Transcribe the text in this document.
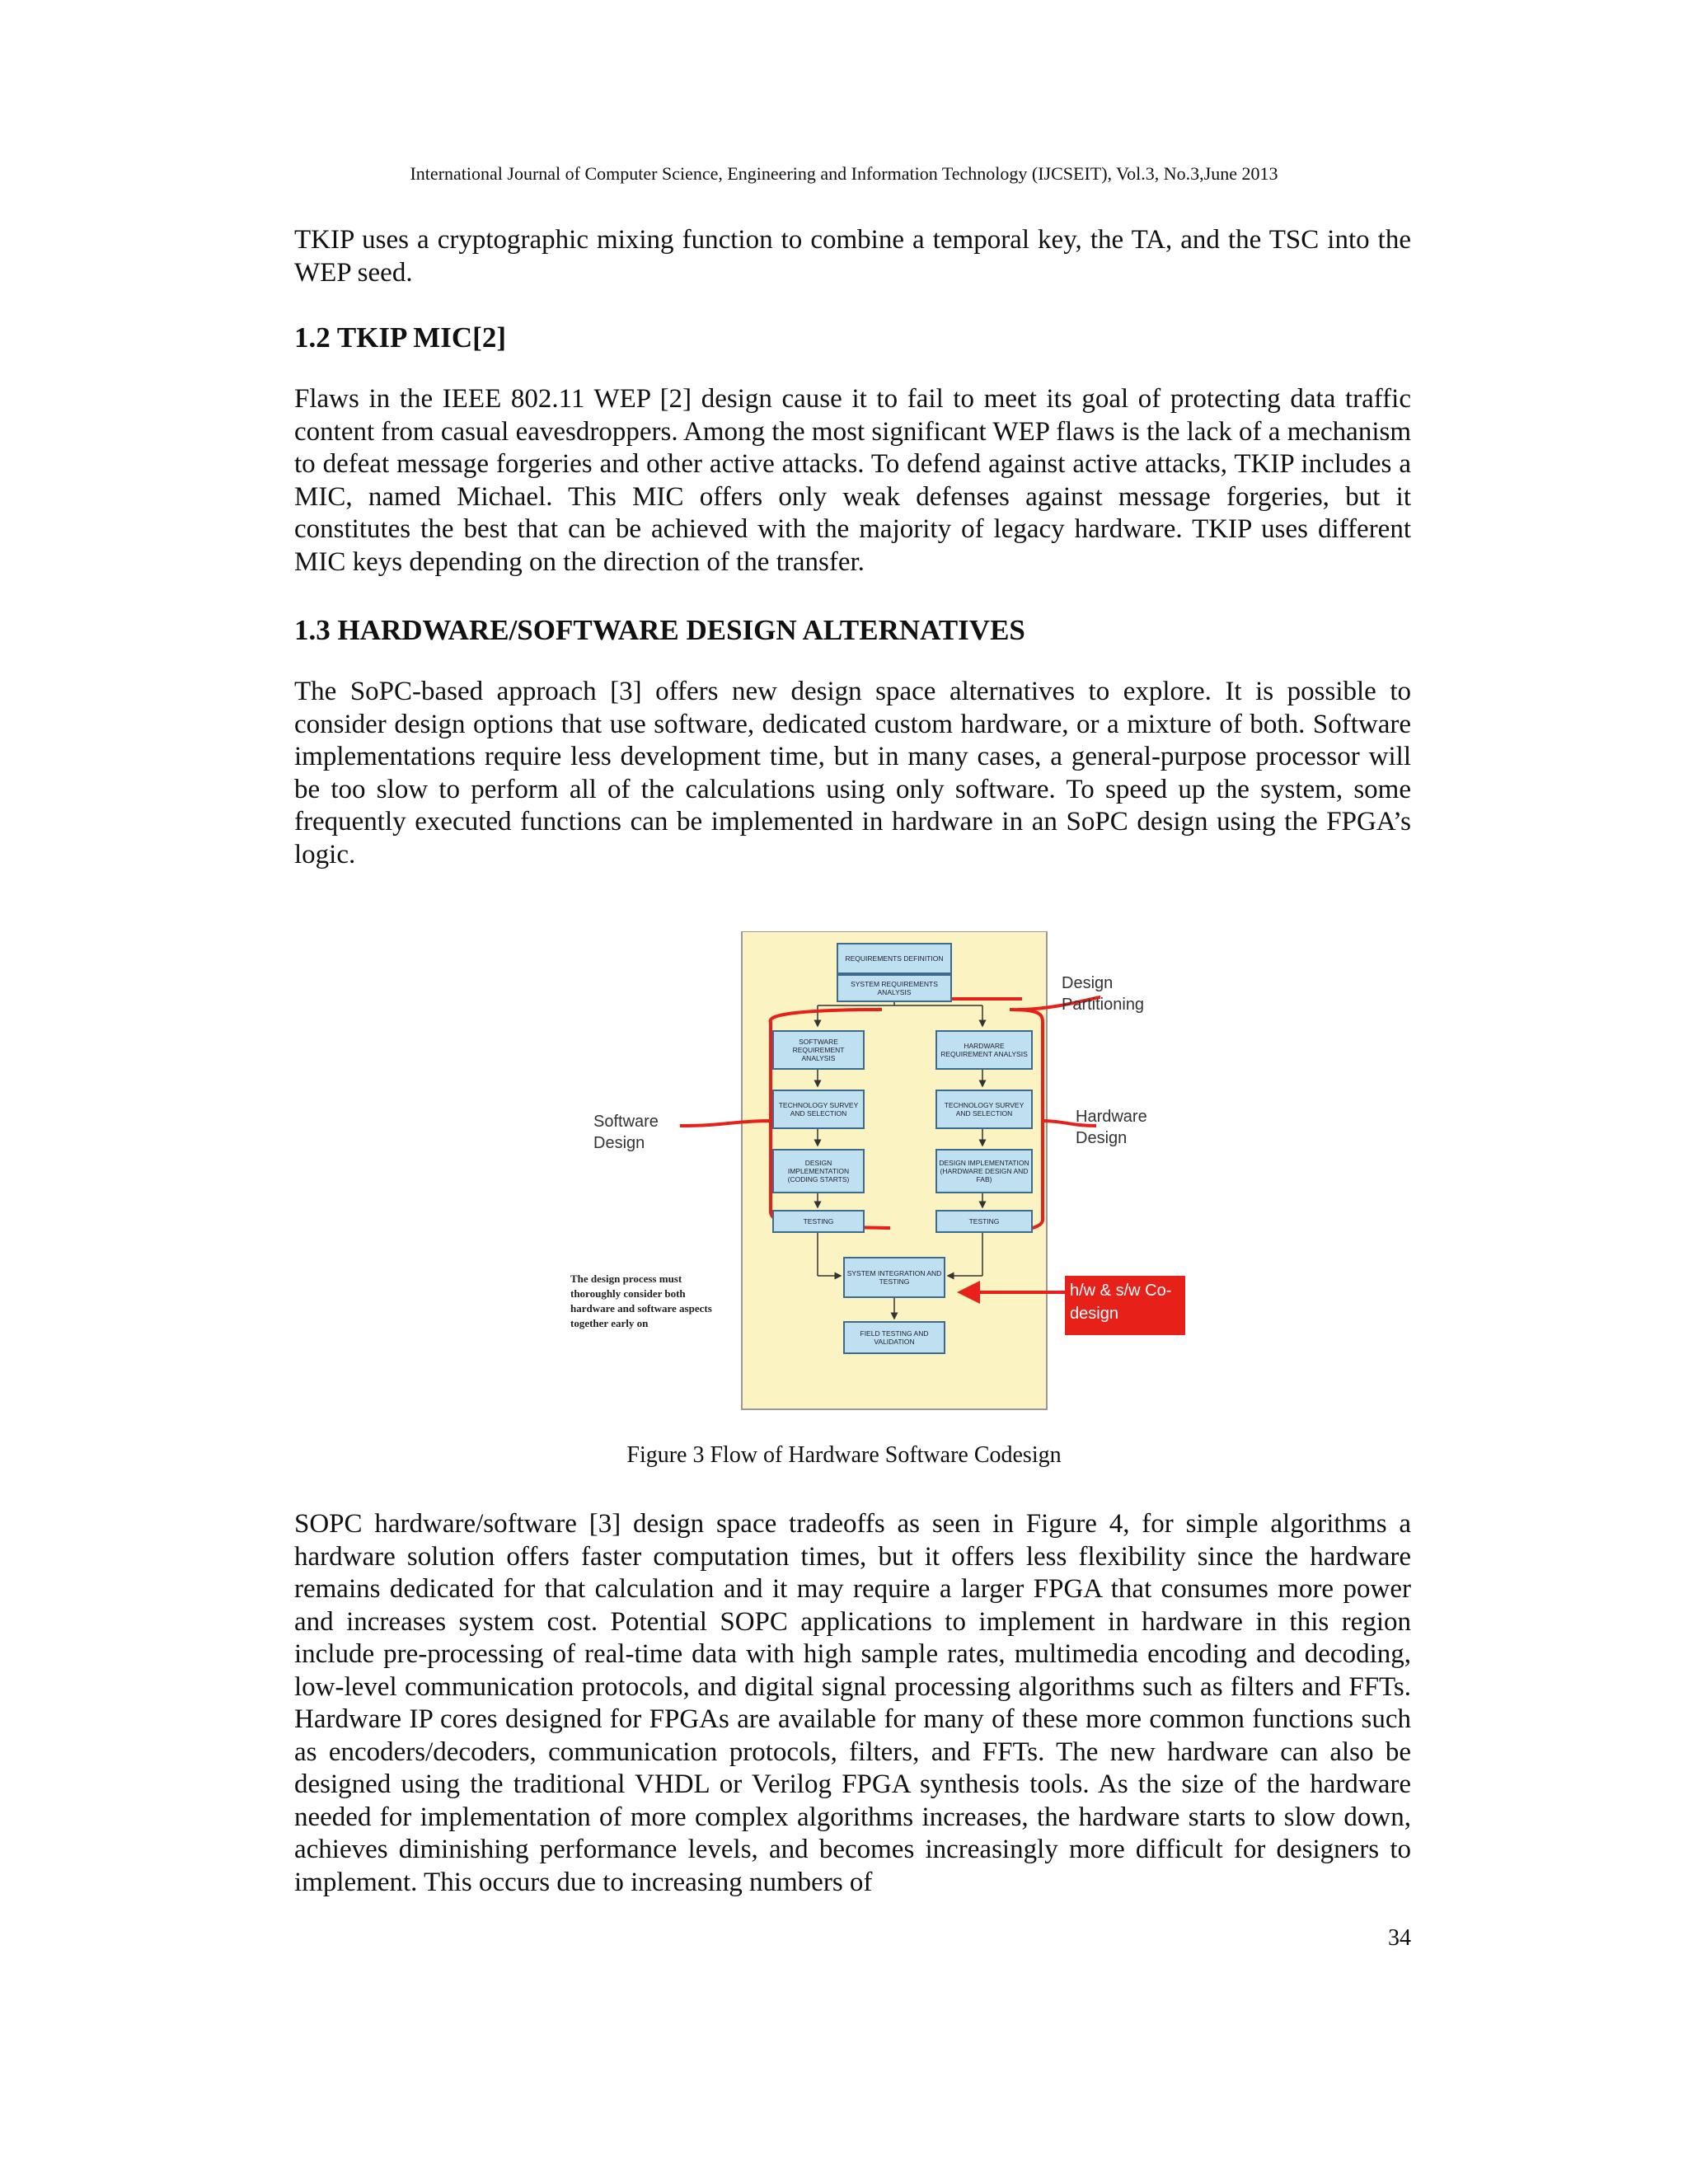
International Journal of Computer Science, Engineering and Information Technology (IJCSEIT), Vol.3, No.3,June 2013

TKIP uses a cryptographic mixing function to combine a temporal key, the TA, and the TSC into the WEP seed.

1.2 TKIP MIC[2]

Flaws in the IEEE 802.11 WEP [2] design cause it to fail to meet its goal of protecting data traffic content from casual eavesdroppers. Among the most significant WEP flaws is the lack of a mechanism to defeat message forgeries and other active attacks. To defend against active attacks, TKIP includes a MIC, named Michael. This MIC offers only weak defenses against message forgeries, but it constitutes the best that can be achieved with the majority of legacy hardware. TKIP uses different MIC keys depending on the direction of the transfer.

1.3 HARDWARE/SOFTWARE DESIGN ALTERNATIVES

The SoPC-based approach [3] offers new design space alternatives to explore. It is possible to consider design options that use software, dedicated custom hardware, or a mixture of both. Software implementations require less development time, but in many cases, a general-purpose processor will be too slow to perform all of the calculations using only software. To speed up the system, some frequently executed functions can be implemented in hardware in an SoPC design using the FPGA’s logic.

REQUIREMENTS DEFINITION
SYSTEM REQUIREMENTS ANALYSIS
SOFTWARE REQUIREMENT ANALYSIS
HARDWARE REQUIREMENT ANALYSIS
TECHNOLOGY SURVEY AND SELECTION
TECHNOLOGY SURVEY AND SELECTION
DESIGN IMPLEMENTATION (CODING STARTS)
DESIGN IMPLEMENTATION (HARDWARE DESIGN AND FAB)
TESTING	TESTING
SYSTEM INTEGRATION AND TESTING
FIELD TESTING AND VALIDATION
Design Partitioning
Software Design
Hardware Design
h/w & s/w Co-design
The design process must thoroughly consider both hardware and software aspects together early on
Figure 3 Flow of Hardware Software Codesign

SOPC hardware/software [3] design space tradeoffs as seen in Figure 4, for simple algorithms a hardware solution offers faster computation times, but it offers less flexibility since the hardware remains dedicated for that calculation and it may require a larger FPGA that consumes more power and increases system cost. Potential SOPC applications to implement in hardware in this region include pre-processing of real-time data with high sample rates, multimedia encoding and decoding, low-level communication protocols, and digital signal processing algorithms such as filters and FFTs. Hardware IP cores designed for FPGAs are available for many of these more common functions such as encoders/decoders, communication protocols, filters, and FFTs. The new hardware can also be designed using the traditional VHDL or Verilog FPGA synthesis tools. As the size of the hardware needed for implementation of more complex algorithms increases, the hardware starts to slow down, achieves diminishing performance levels, and becomes increasingly more difficult for designers to implement. This occurs due to increasing numbers of

34
